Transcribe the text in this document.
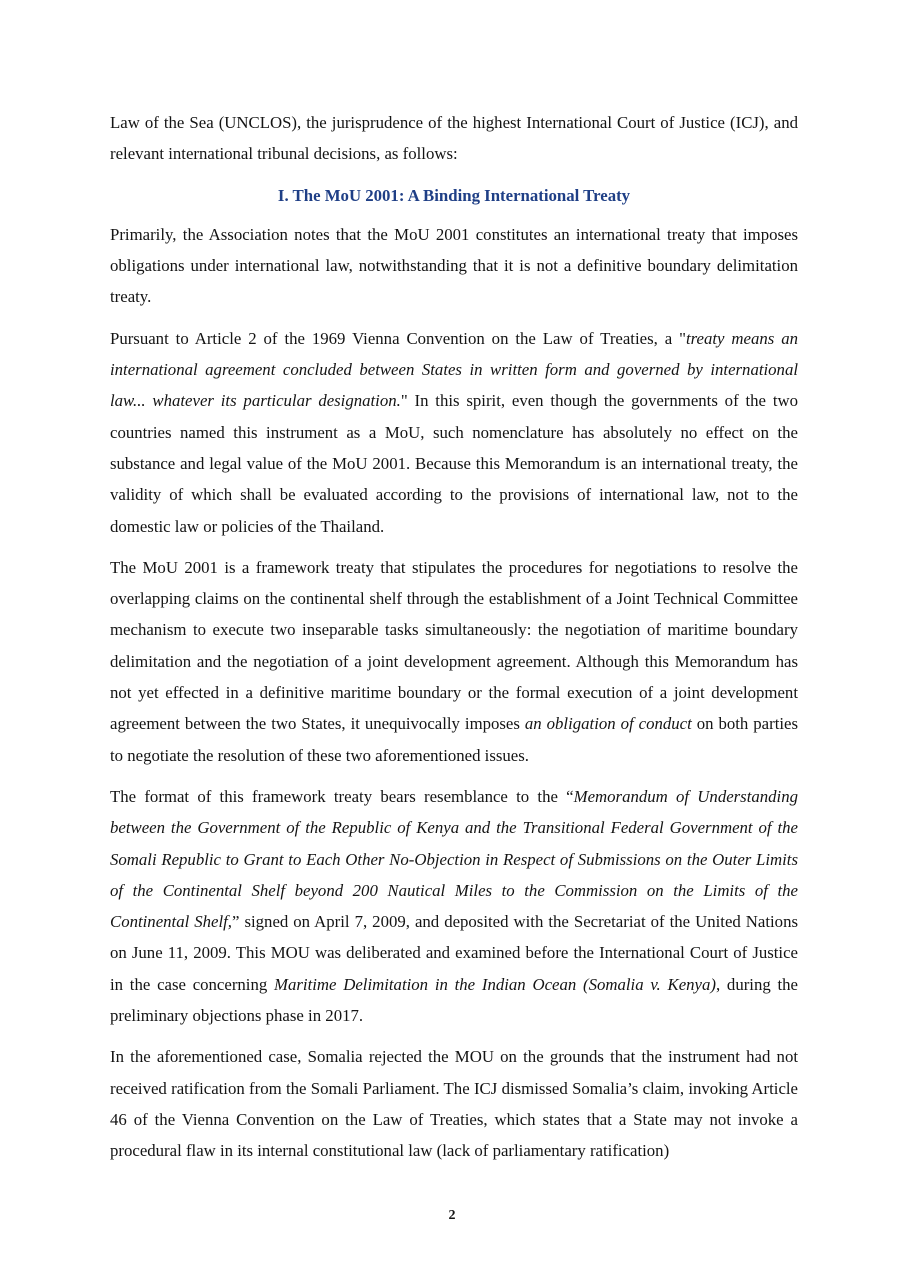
Law of the Sea (UNCLOS), the jurisprudence of the highest International Court of Justice (ICJ), and relevant international tribunal decisions, as follows:

I. The MoU 2001: A Binding International Treaty

Primarily, the Association notes that the MoU 2001 constitutes an international treaty that imposes obligations under international law, notwithstanding that it is not a definitive boundary delimitation treaty.

Pursuant to Article 2 of the 1969 Vienna Convention on the Law of Treaties, a "treaty means an international agreement concluded between States in written form and governed by international law... whatever its particular designation." In this spirit, even though the governments of the two countries named this instrument as a MoU, such nomenclature has absolutely no effect on the substance and legal value of the MoU 2001. Because this Memorandum is an international treaty, the validity of which shall be evaluated according to the provisions of international law, not to the domestic law or policies of the Thailand.

The MoU 2001 is a framework treaty that stipulates the procedures for negotiations to resolve the overlapping claims on the continental shelf through the establishment of a Joint Technical Committee mechanism to execute two inseparable tasks simultaneously: the negotiation of maritime boundary delimitation and the negotiation of a joint development agreement. Although this Memorandum has not yet effected in a definitive maritime boundary or the formal execution of a joint development agreement between the two States, it unequivocally imposes an obligation of conduct on both parties to negotiate the resolution of these two aforementioned issues.

The format of this framework treaty bears resemblance to the “Memorandum of Understanding between the Government of the Republic of Kenya and the Transitional Federal Government of the Somali Republic to Grant to Each Other No-Objection in Respect of Submissions on the Outer Limits of the Continental Shelf beyond 200 Nautical Miles to the Commission on the Limits of the Continental Shelf,” signed on April 7, 2009, and deposited with the Secretariat of the United Nations on June 11, 2009. This MOU was deliberated and examined before the International Court of Justice in the case concerning Maritime Delimitation in the Indian Ocean (Somalia v. Kenya), during the preliminary objections phase in 2017.

In the aforementioned case, Somalia rejected the MOU on the grounds that the instrument had not received ratification from the Somali Parliament. The ICJ dismissed Somalia’s claim, invoking Article 46 of the Vienna Convention on the Law of Treaties, which states that a State may not invoke a procedural flaw in its internal constitutional law (lack of parliamentary ratification)

2
